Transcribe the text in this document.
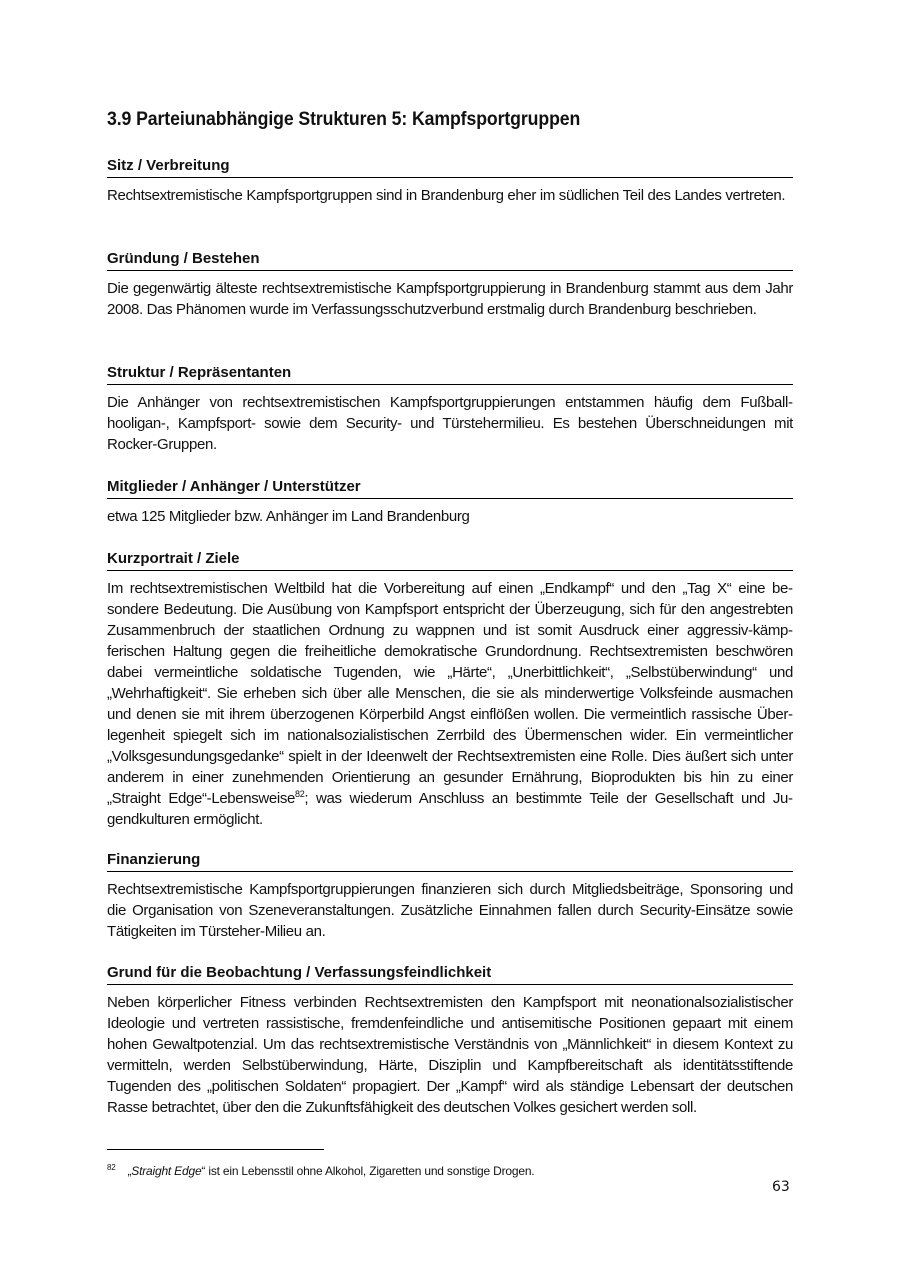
3.9 Parteiunabhängige Strukturen 5: Kampfsportgruppen
Sitz / Verbreitung

Rechtsextremistische Kampfsportgruppen sind in Brandenburg eher im südlichen Teil des Landes vertreten.

Gründung / Bestehen

Die gegenwärtig älteste rechtsextremistische Kampfsportgruppierung in Brandenburg stammt aus dem Jahr 2008. Das Phänomen wurde im Verfassungsschutzverbund erstmalig durch Brandenburg beschrieben.

Struktur / Repräsentanten

Die Anhänger von rechtsextremistischen Kampfsportgruppierungen entstammen häufig dem Fußballhooligan-, Kampfsport- sowie dem Security- und Türstehermilieu. Es bestehen Überschneidungen mit Rocker-Gruppen.

Mitglieder / Anhänger / Unterstützer

etwa 125 Mitglieder bzw. Anhänger im Land Brandenburg

Kurzportrait / Ziele

Im rechtsextremistischen Weltbild hat die Vorbereitung auf einen „Endkampf“ und den „Tag X“ eine besondere Bedeutung. Die Ausübung von Kampfsport entspricht der Überzeugung, sich für den angestrebten Zusammenbruch der staatlichen Ordnung zu wappnen und ist somit Ausdruck einer aggressiv-kämpferischen Haltung gegen die freiheitliche demokratische Grundordnung. Rechtsextremisten beschwören dabei vermeintliche soldatische Tugenden, wie „Härte“, „Unerbittlichkeit“, „Selbstüberwindung“ und „Wehrhaftigkeit“. Sie erheben sich über alle Menschen, die sie als minderwertige Volksfeinde ausmachen und denen sie mit ihrem überzogenen Körperbild Angst einflößen wollen. Die vermeintlich rassische Überlegenheit spiegelt sich im nationalsozialistischen Zerrbild des Übermenschen wider. Ein vermeintlicher „Volksgesundungsgedanke“ spielt in der Ideenwelt der Rechtsextremisten eine Rolle. Dies äußert sich unter anderem in einer zunehmenden Orientierung an gesunder Ernährung, Bioprodukten bis hin zu einer „Straight Edge“-Lebensweise$^{82}$; was wiederum Anschluss an bestimmte Teile der Gesellschaft und Jugendkulturen ermöglicht.

Finanzierung

Rechtsextremistische Kampfsportgruppierungen finanzieren sich durch Mitgliedsbeiträge, Sponsoring und die Organisation von Szeneveranstaltungen. Zusätzliche Einnahmen fallen durch Security-Einsätze sowie Tätigkeiten im Türsteher-Milieu an.

Grund für die Beobachtung / Verfassungsfeindlichkeit

Neben körperlicher Fitness verbinden Rechtsextremisten den Kampfsport mit neonationalsozialistischer Ideologie und vertreten rassistische, fremdenfeindliche und antisemitische Positionen gepaart mit einem hohen Gewaltpotenzial. Um das rechtsextremistische Verständnis von „Männlichkeit“ in diesem Kontext zu vermitteln, werden Selbstüberwindung, Härte, Disziplin und Kampfbereitschaft als identitätsstiftende Tugenden des „politischen Soldaten“ propagiert. Der „Kampf“ wird als ständige Lebensart der deutschen Rasse betrachtet, über den die Zukunftsfähigkeit des deutschen Volkes gesichert werden soll.

$^{82}$ „Straight Edge“ ist ein Lebensstil ohne Alkohol, Zigaretten und sonstige Drogen.
63
